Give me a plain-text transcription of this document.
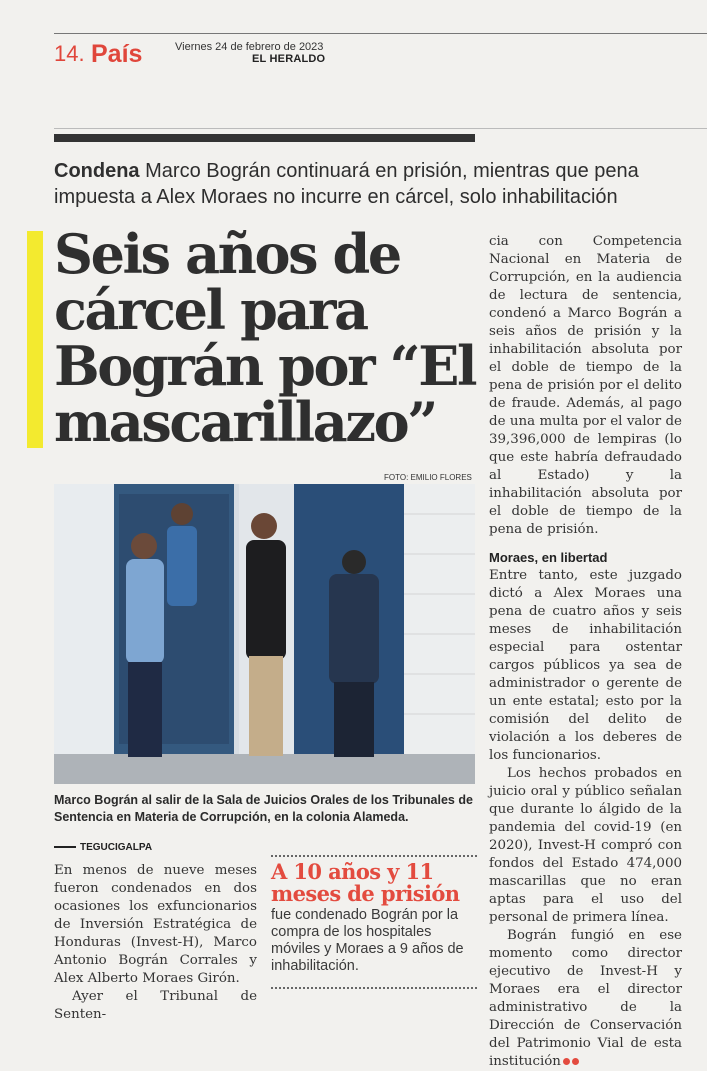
14. País	Viernes 24 de febrero de 2023
EL HERALDO
Condena Marco Bográn continuará en prisión, mientras que pena impuesta a Alex Moraes no incurre en cárcel, solo inhabilitación
Seis años de cárcel para Bográn por “El mascarillazo”
FOTO: EMILIO FLORES
Marco Bográn al salir de la Sala de Juicios Orales de los Tribunales de Sentencia en Materia de Corrupción, en la colonia Alameda.
TEGUCIGALPA

En menos de nueve meses fueron condenados en dos ocasiones los exfuncionarios de Inversión Estratégica de Honduras (Invest-H), Marco Antonio Bográn Corrales y Alex Alberto Moraes Girón.

Ayer el Tribunal de Senten-

A 10 años y 11 meses de prisión
fue condenado Bográn por la compra de los hospitales móviles y Moraes a 9 años de inhabilitación.

cia con Competencia Nacional en Materia de Corrupción, en la audiencia de lectura de sentencia, condenó a Marco Bográn a seis años de prisión y la inhabilitación absoluta por el doble de tiempo de la pena de prisión por el delito de fraude. Además, al pago de una multa por el valor de 39,396,000 de lempiras (lo que este habría defraudado al Estado) y la inhabilitación absoluta por el doble de tiempo de la pena de prisión.

Moraes, en libertad

Entre tanto, este juzgado dictó a Alex Moraes una pena de cuatro años y seis meses de inhabilitación especial para ostentar cargos públicos ya sea de administrador o gerente de un ente estatal; esto por la comisión del delito de violación a los deberes de los funcionarios.

Los hechos probados en juicio oral y público señalan que durante lo álgido de la pandemia del covid-19 (en 2020), Invest-H compró con fondos del Estado 474,000 mascarillas que no eran aptas para el uso del personal de primera línea.

Bográn fungió en ese momento como director ejecutivo de Invest-H y Moraes era el director administrativo de la Dirección de Conservación del Patrimonio Vial de esta institución
